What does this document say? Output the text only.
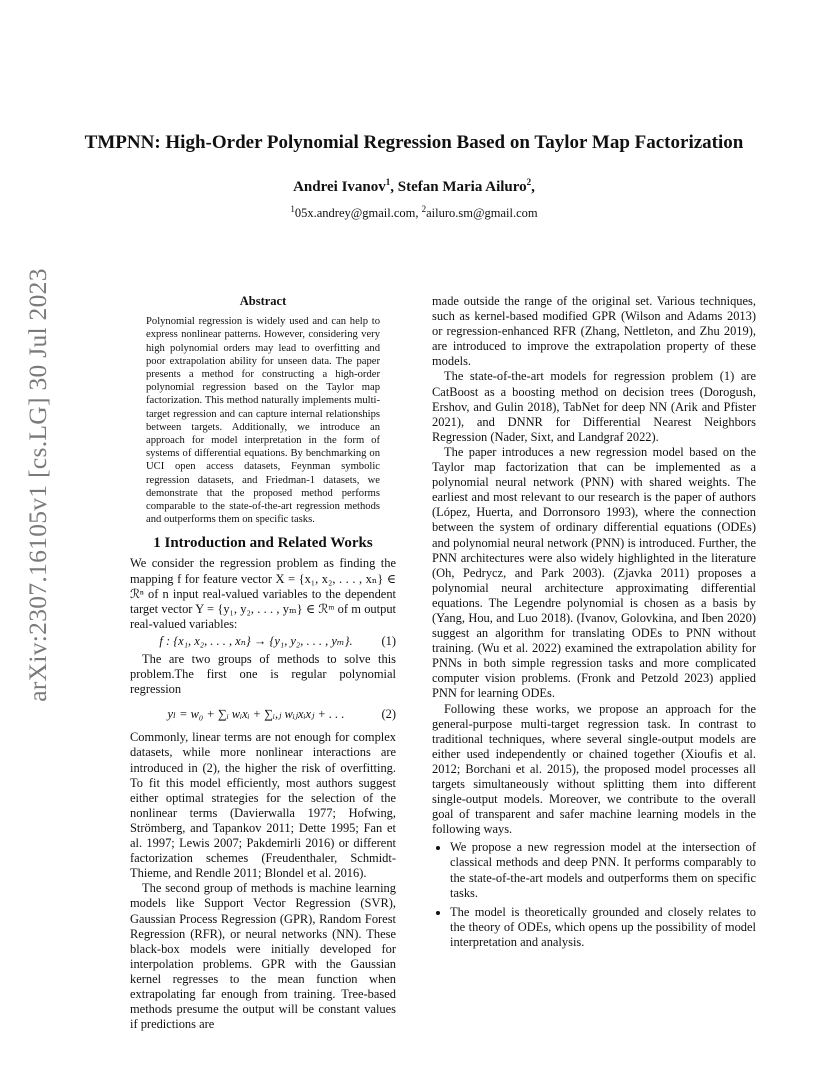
arXiv:2307.16105v1 [cs.LG] 30 Jul 2023
TMPNN: High-Order Polynomial Regression Based on Taylor Map Factorization
Andrei Ivanov$^1$, Stefan Maria Ailuro$^2$,
$^1$05x.andrey@gmail.com, $^2$ailuro.sm@gmail.com
Abstract

Polynomial regression is widely used and can help to express nonlinear patterns. However, considering very high polynomial orders may lead to overfitting and poor extrapolation ability for unseen data. The paper presents a method for constructing a high-order polynomial regression based on the Taylor map factorization. This method naturally implements multi-target regression and can capture internal relationships between targets. Additionally, we introduce an approach for model interpretation in the form of systems of differential equations. By benchmarking on UCI open access datasets, Feynman symbolic regression datasets, and Friedman-1 datasets, we demonstrate that the proposed method performs comparable to the state-of-the-art regression methods and outperforms them on specific tasks.

1 Introduction and Related Works

We consider the regression problem as finding the mapping f for feature vector X = {x₁, x₂, . . . , xₙ} ∈ ℛⁿ of n input real-valued variables to the dependent target vector Y = {y₁, y₂, . . . , yₘ} ∈ ℛᵐ of m output real-valued variables:

f : {x₁, x₂, . . . , xₙ} → {y₁, y₂, . . . , yₘ}.	(1)

The are two groups of methods to solve this problem.The first one is regular polynomial regression

yₗ = w₀ + ∑ᵢ wᵢxᵢ + ∑ᵢ,ⱼ wᵢⱼxᵢxⱼ + . . .	(2)

Commonly, linear terms are not enough for complex datasets, while more nonlinear interactions are introduced in (2), the higher the risk of overfitting. To fit this model efficiently, most authors suggest either optimal strategies for the selection of the nonlinear terms (Davierwalla 1977; Hofwing, Strömberg, and Tapankov 2011; Dette 1995; Fan et al. 1997; Lewis 2007; Pakdemirli 2016) or different factorization schemes (Freudenthaler, Schmidt-Thieme, and Rendle 2011; Blondel et al. 2016).

The second group of methods is machine learning models like Support Vector Regression (SVR), Gaussian Process Regression (GPR), Random Forest Regression (RFR), or neural networks (NN). These black-box models were initially developed for interpolation problems. GPR with the Gaussian kernel regresses to the mean function when extrapolating far enough from training. Tree-based methods presume the output will be constant values if predictions are

made outside the range of the original set. Various techniques, such as kernel-based modified GPR (Wilson and Adams 2013) or regression-enhanced RFR (Zhang, Nettleton, and Zhu 2019), are introduced to improve the extrapolation property of these models.

The state-of-the-art models for regression problem (1) are CatBoost as a boosting method on decision trees (Dorogush, Ershov, and Gulin 2018), TabNet for deep NN (Arik and Pfister 2021), and DNNR for Differential Nearest Neighbors Regression (Nader, Sixt, and Landgraf 2022).

The paper introduces a new regression model based on the Taylor map factorization that can be implemented as a polynomial neural network (PNN) with shared weights. The earliest and most relevant to our research is the paper of authors (López, Huerta, and Dorronsoro 1993), where the connection between the system of ordinary differential equations (ODEs) and polynomial neural network (PNN) is introduced. Further, the PNN architectures were also widely highlighted in the literature (Oh, Pedrycz, and Park 2003). (Zjavka 2011) proposes a polynomial neural architecture approximating differential equations. The Legendre polynomial is chosen as a basis by (Yang, Hou, and Luo 2018). (Ivanov, Golovkina, and Iben 2020) suggest an algorithm for translating ODEs to PNN without training. (Wu et al. 2022) examined the extrapolation ability for PNNs in both simple regression tasks and more complicated computer vision problems. (Fronk and Petzold 2023) applied PNN for learning ODEs.

Following these works, we propose an approach for the general-purpose multi-target regression task. In contrast to traditional techniques, where several single-output models are either used independently or chained together (Xioufis et al. 2012; Borchani et al. 2015), the proposed model processes all targets simultaneously without splitting them into different single-output models. Moreover, we contribute to the overall goal of transparent and safer machine learning models in the following ways.

• We propose a new regression model at the intersection of classical methods and deep PNN. It performs comparably to the state-of-the-art models and outperforms them on specific tasks.
• The model is theoretically grounded and closely relates to the theory of ODEs, which opens up the possibility of model interpretation and analysis.
